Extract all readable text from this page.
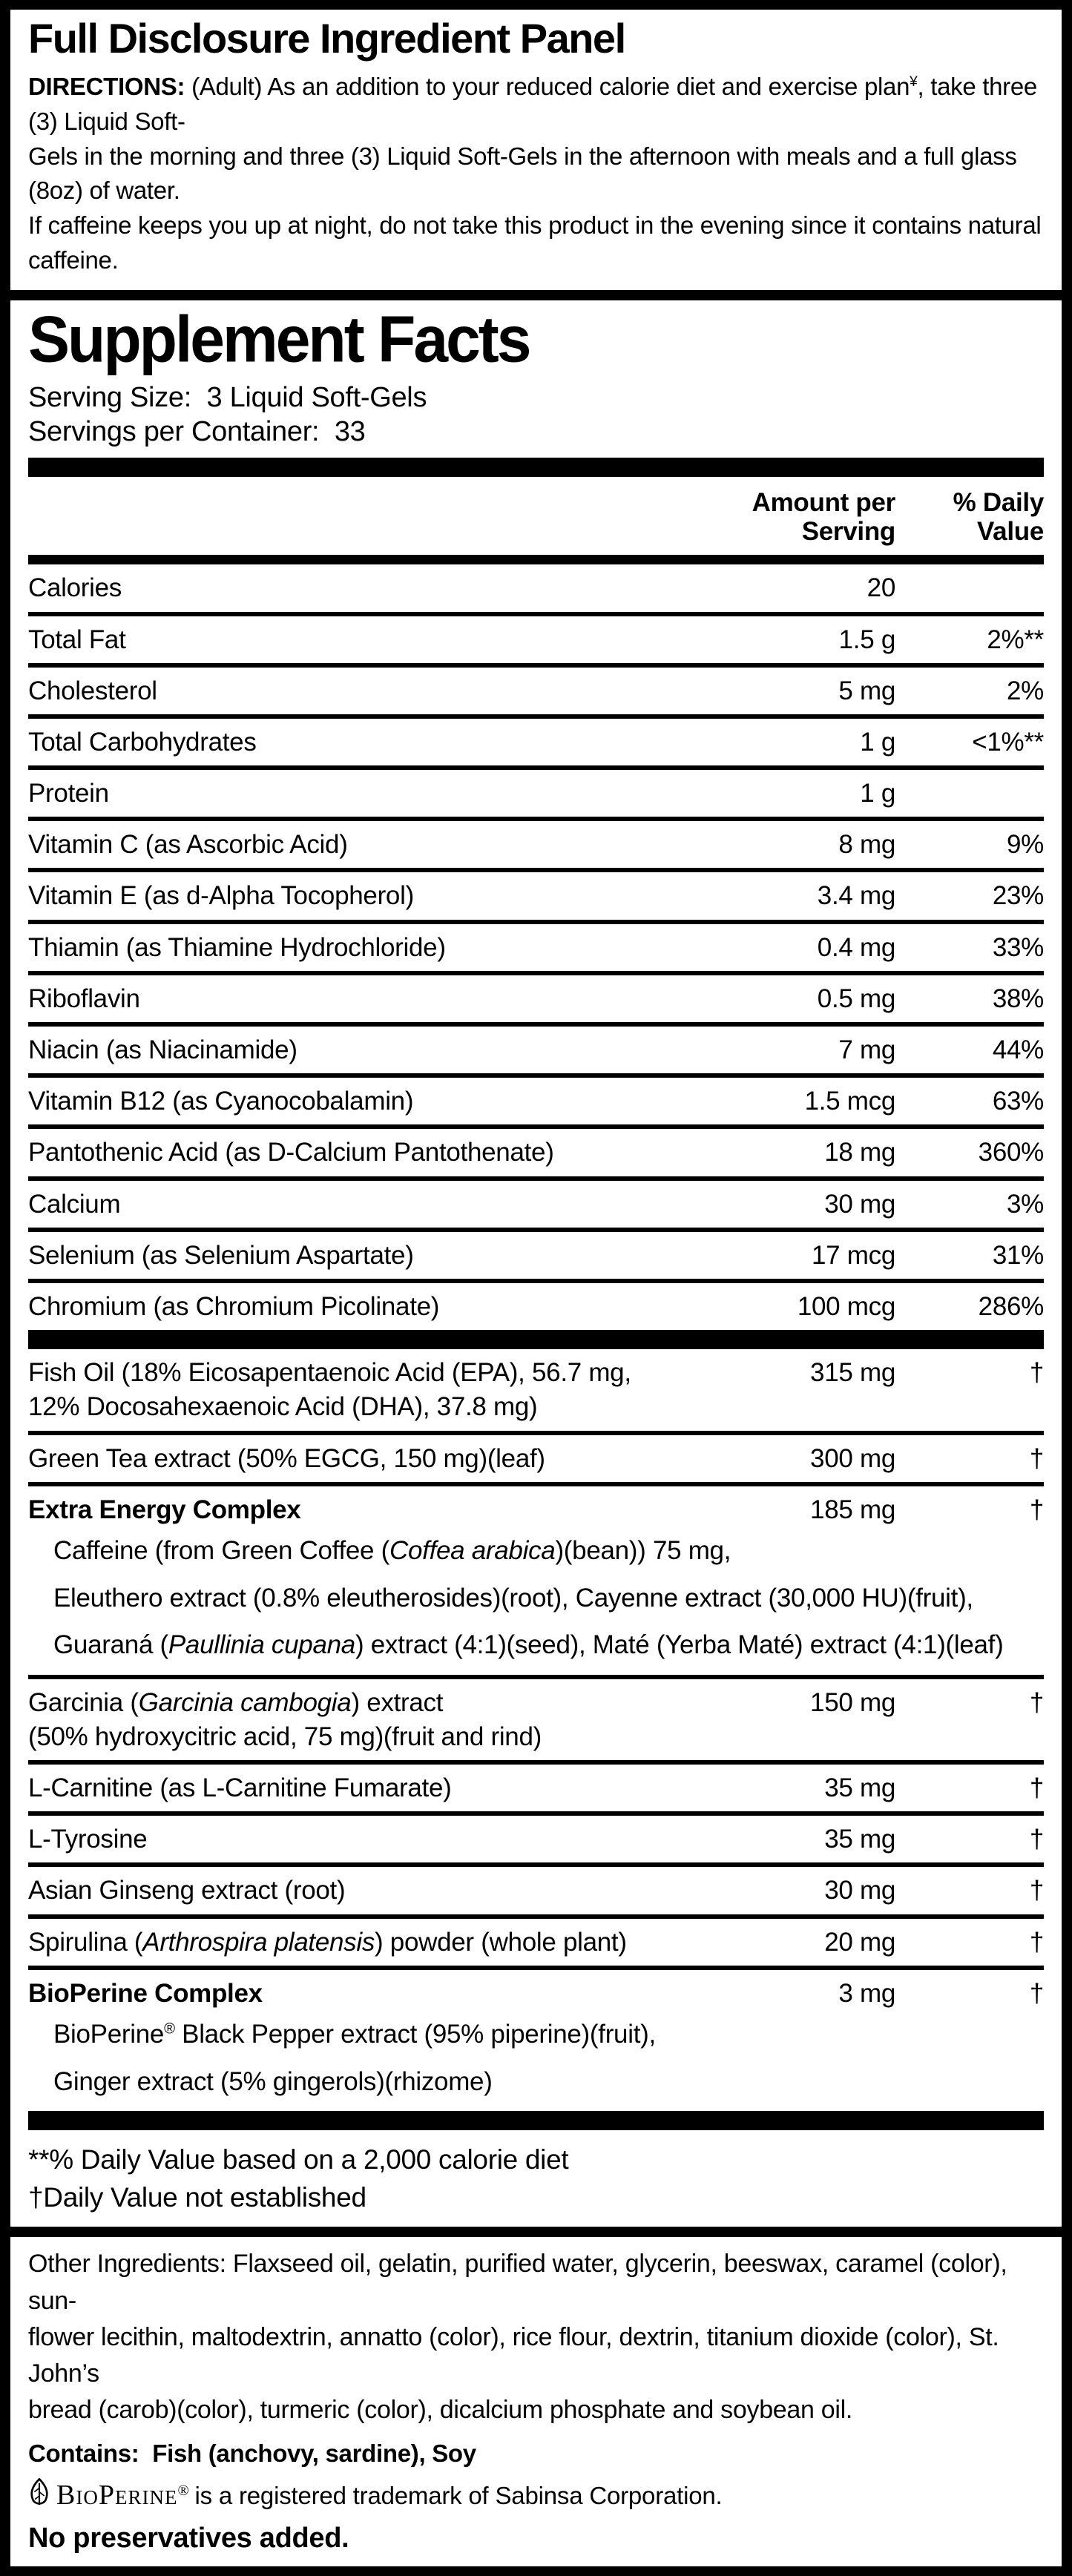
Full Disclosure Ingredient Panel

DIRECTIONS: (Adult) As an addition to your reduced calorie diet and exercise plan¥, take three (3) Liquid Soft-
Gels in the morning and three (3) Liquid Soft-Gels in the afternoon with meals and a full glass (8oz) of water.
If caffeine keeps you up at night, do not take this product in the evening since it contains natural caffeine.

Supplement Facts
Serving Size: 3 Liquid Soft-Gels
Servings per Container: 33
Amount per
Serving
% Daily
Value
Calories	20
Total Fat	1.5 g	2%**
Cholesterol	5 mg	2%
Total Carbohydrates	1 g	<1%**
Protein	1 g
Vitamin C (as Ascorbic Acid)	8 mg	9%
Vitamin E (as d-Alpha Tocopherol)	3.4 mg	23%
Thiamin (as Thiamine Hydrochloride)	0.4 mg	33%
Riboflavin	0.5 mg	38%
Niacin (as Niacinamide)	7 mg	44%
Vitamin B12 (as Cyanocobalamin)	1.5 mcg	63%
Pantothenic Acid (as D-Calcium Pantothenate)	18 mg	360%
Calcium	30 mg	3%
Selenium (as Selenium Aspartate)	17 mcg	31%
Chromium (as Chromium Picolinate)	100 mcg	286%
Fish Oil (18% Eicosapentaenoic Acid (EPA), 56.7 mg,
12% Docosahexaenoic Acid (DHA), 37.8 mg)
315 mg	†
Green Tea extract (50% EGCG, 150 mg)(leaf)	300 mg	†
Extra Energy Complex	185 mg	†
Caffeine (from Green Coffee (Coffea arabica)(bean)) 75 mg,
Eleuthero extract (0.8% eleutherosides)(root), Cayenne extract (30,000 HU)(fruit),
Guaraná (Paullinia cupana) extract (4:1)(seed), Maté (Yerba Maté) extract (4:1)(leaf)
Garcinia (Garcinia cambogia) extract
(50% hydroxycitric acid, 75 mg)(fruit and rind)
150 mg	†
L-Carnitine (as L-Carnitine Fumarate)	35 mg	†
L-Tyrosine	35 mg	†
Asian Ginseng extract (root)	30 mg	†
Spirulina (Arthrospira platensis) powder (whole plant)	20 mg	†
BioPerine Complex	3 mg	†
BioPerine® Black Pepper extract (95% piperine)(fruit),
Ginger extract (5% gingerols)(rhizome)
**% Daily Value based on a 2,000 calorie diet
†Daily Value not established

Other Ingredients: Flaxseed oil, gelatin, purified water, glycerin, beeswax, caramel (color), sun-
flower lecithin, maltodextrin, annatto (color), rice flour, dextrin, titanium dioxide (color), St. John’s
bread (carob)(color), turmeric (color), dicalcium phosphate and soybean oil.

Contains: Fish (anchovy, sardine), Soy

BioPerine® is a registered trademark of Sabinsa Corporation.

No preservatives added.
